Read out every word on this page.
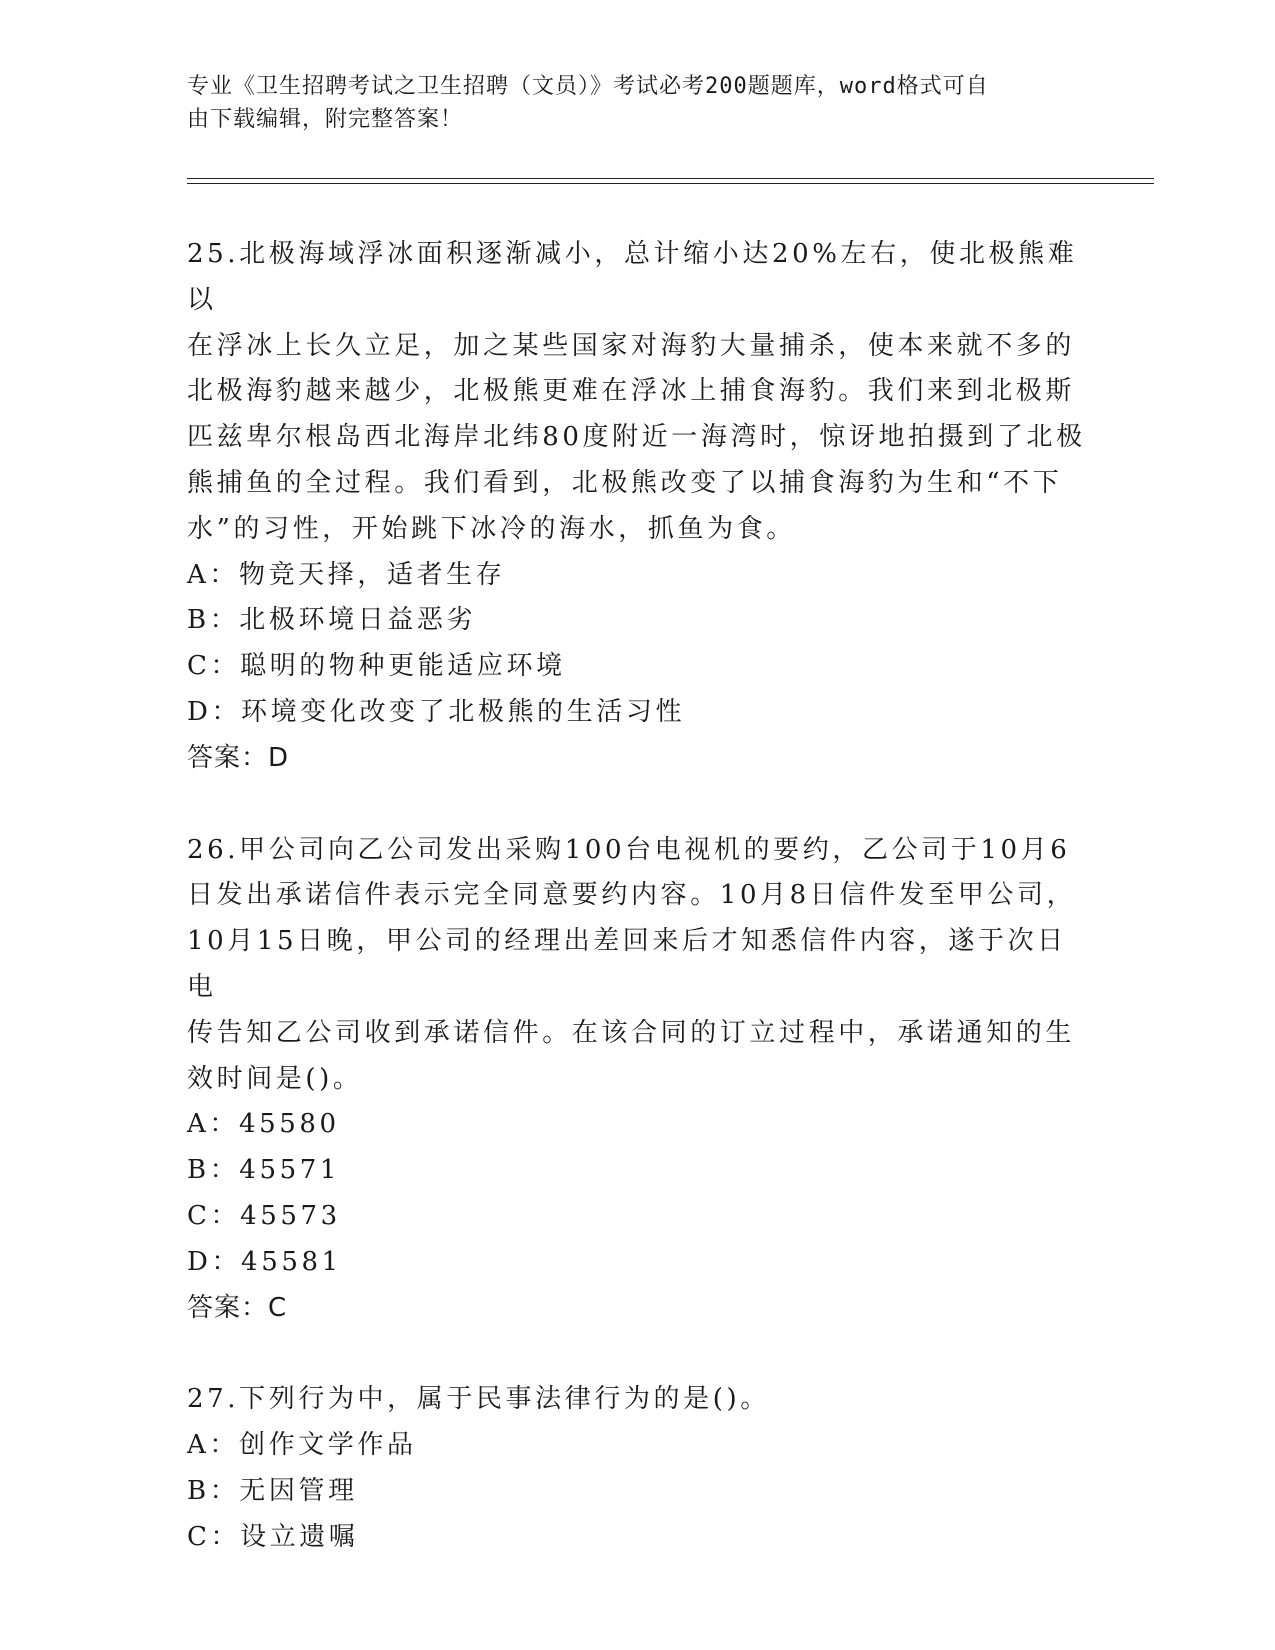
专业《卫生招聘考试之卫生招聘（文员）》考试必考200题题库，word格式可自
由下载编辑，附完整答案！
25.北极海域浮冰面积逐渐减小，总计缩小达20%左右，使北极熊难以
在浮冰上长久立足，加之某些国家对海豹大量捕杀，使本来就不多的
北极海豹越来越少，北极熊更难在浮冰上捕食海豹。我们来到北极斯
匹兹卑尔根岛西北海岸北纬80度附近一海湾时，惊讶地拍摄到了北极
熊捕鱼的全过程。我们看到，北极熊改变了以捕食海豹为生和“不下
水”的习性，开始跳下冰冷的海水，抓鱼为食。
A：物竞天择，适者生存
B：北极环境日益恶劣
C：聪明的物种更能适应环境
D：环境变化改变了北极熊的生活习性
答案：D
26.甲公司向乙公司发出采购100台电视机的要约，乙公司于10月6
日发出承诺信件表示完全同意要约内容。10月8日信件发至甲公司，
10月15日晚，甲公司的经理出差回来后才知悉信件内容，遂于次日电
传告知乙公司收到承诺信件。在该合同的订立过程中，承诺通知的生
效时间是()。
A：45580
B：45571
C：45573
D：45581
答案：C
27.下列行为中，属于民事法律行为的是()。
A：创作文学作品
B：无因管理
C：设立遗嘱
